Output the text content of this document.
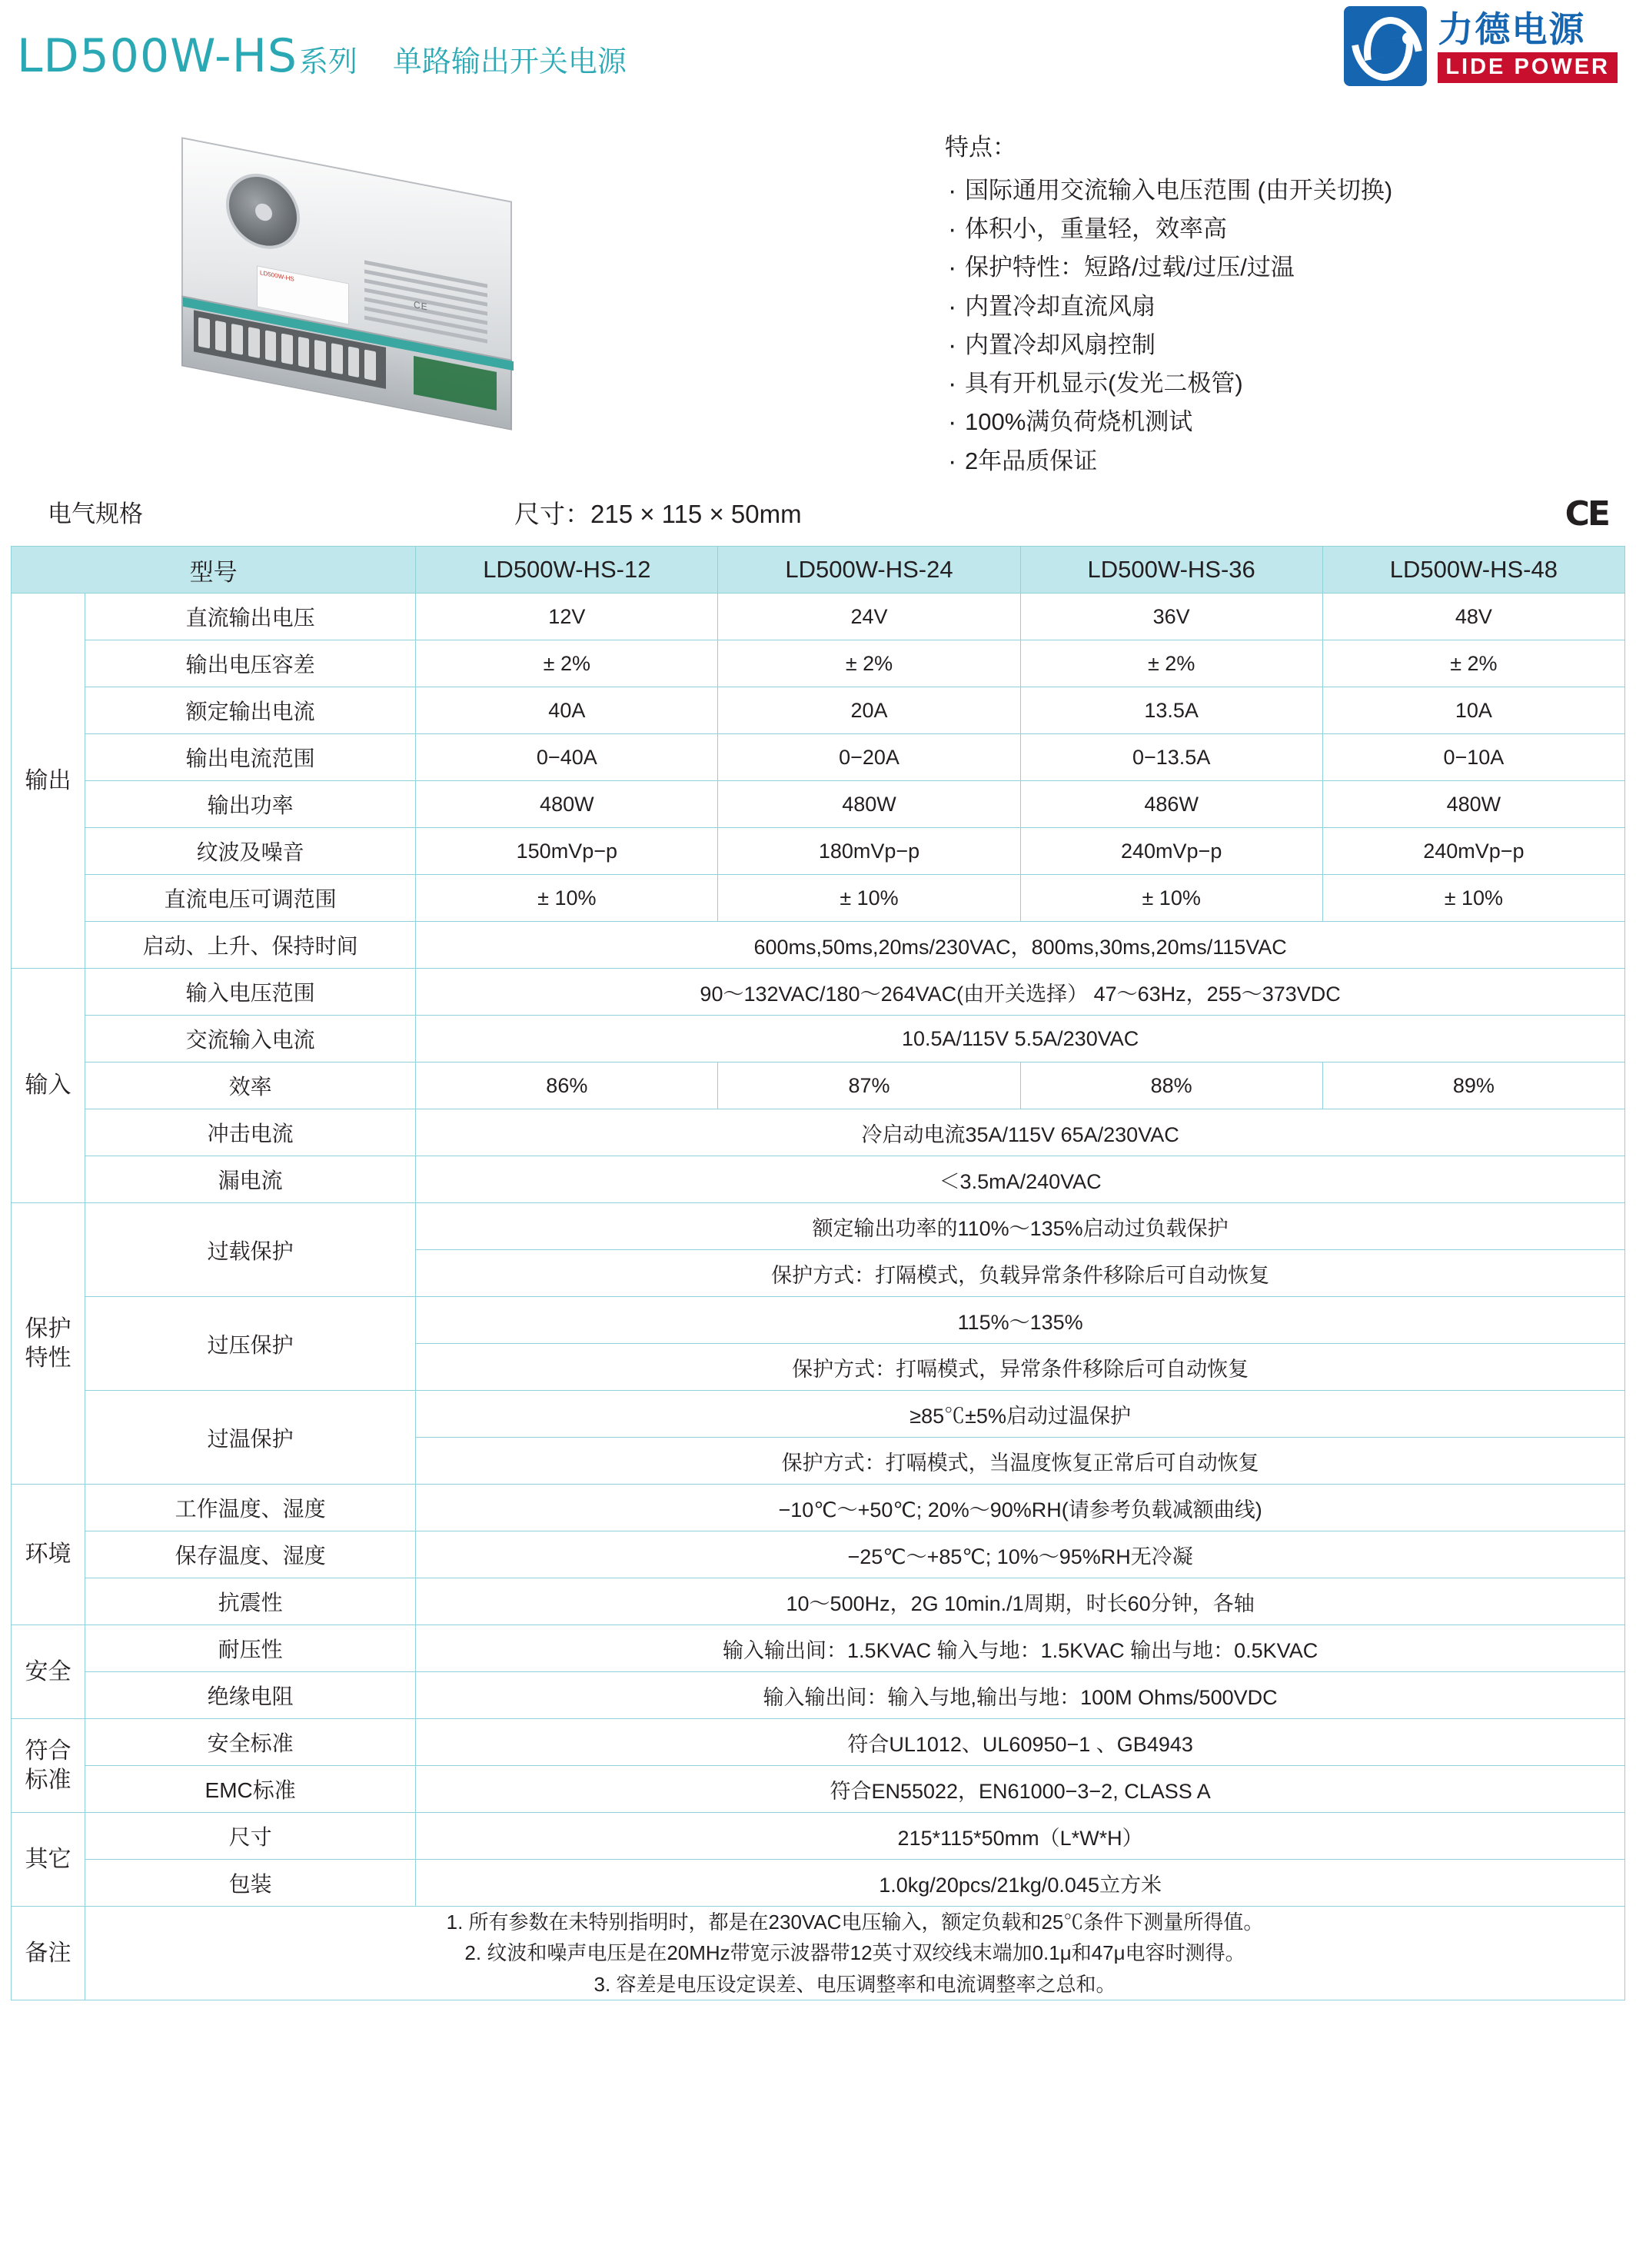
LD500W-HS 系列 单路输出开关电源
力德电源
LIDE POWER
LD500W-HS
CE
特点：
· 国际通用交流输入电压范围 (由开关切换)
· 体积小，重量轻，效率高
· 保护特性：短路/过载/过压/过温
· 内置冷却直流风扇
· 内置冷却风扇控制
· 具有开机显示(发光二极管)
· 100%满负荷烧机测试
· 2年品质保证
电气规格	尺寸：215 × 115 × 50mm	CE
型号		LD500W-HS-12	LD500W-HS-24	LD500W-HS-36	LD500W-HS-48
输出	直流输出电压	12V	24V	36V	48V
	输出电压容差	± 2%	± 2%	± 2%	± 2%
	额定输出电流	40A	20A	13.5A	10A
	输出电流范围	0−40A	0−20A	0−13.5A	0−10A
	输出功率	480W	480W	486W	480W
	纹波及噪音	150mVp−p	180mVp−p	240mVp−p	240mVp−p
	直流电压可调范围	± 10%	± 10%	± 10%	± 10%
	启动、上升、保持时间	600ms,50ms,20ms/230VAC，800ms,30ms,20ms/115VAC			
输入	输入电压范围	90～132VAC/180～264VAC(由开关选择） 47～63Hz，255～373VDC			
	交流输入电流	10.5A/115V 5.5A/230VAC			
	效率	86%	87%	88%	89%
	冲击电流	冷启动电流35A/115V 65A/230VAC			
	漏电流	＜3.5mA/240VAC			
保护
特性	过载保护	额定输出功率的110%～135%启动过负载保护			
		保护方式：打隔模式，负载异常条件移除后可自动恢复			
	过压保护	115%～135%			
		保护方式：打嗝模式，异常条件移除后可自动恢复			
	过温保护	≥85℃±5%启动过温保护			
		保护方式：打嗝模式，当温度恢复正常后可自动恢复			
环境	工作温度、湿度	−10℃～+50℃; 20%～90%RH(请参考负载减额曲线)			
	保存温度、湿度	−25℃～+85℃; 10%～95%RH无冷凝			
	抗震性	10～500Hz，2G 10min./1周期，时长60分钟，各轴			
安全	耐压性	输入输出间：1.5KVAC 输入与地：1.5KVAC 输出与地：0.5KVAC			
	绝缘电阻	输入输出间：输入与地,输出与地：100M Ohms/500VDC			
符合
标准	安全标准	符合UL1012、UL60950−1 、GB4943			
	EMC标准	符合EN55022，EN61000−3−2, CLASS A			
其它	尺寸	215*115*50mm（L*W*H）			
	包装	1.0kg/20pcs/21kg/0.045立方米			
备注	1. 所有参数在未特别指明时，都是在230VAC电压输入，额定负载和25℃条件下测量所得值。
2. 纹波和噪声电压是在20MHz带宽示波器带12英寸双绞线末端加0.1μ和47μ电容时测得。
3. 容差是电压设定误差、电压调整率和电流调整率之总和。				
